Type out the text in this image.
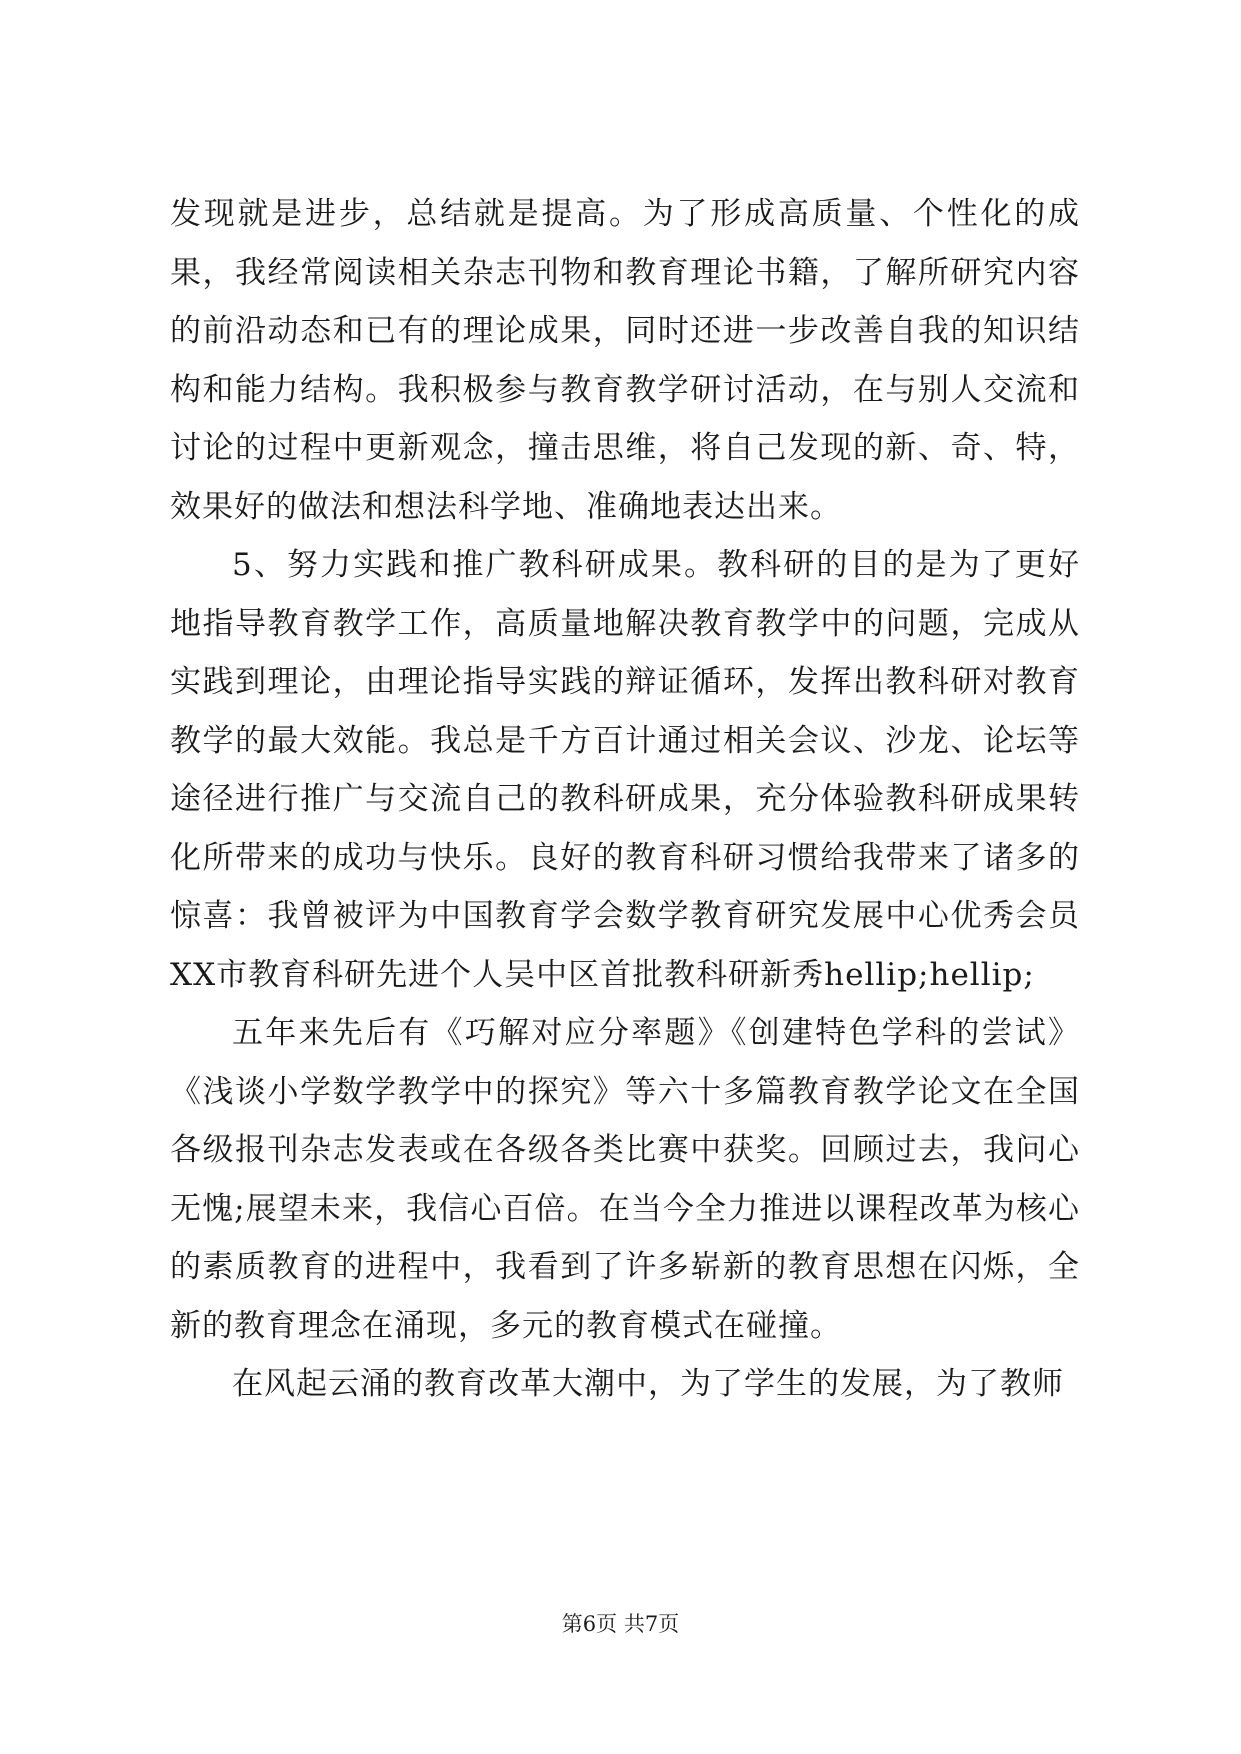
发现就是进步，总结就是提高。为了形成高质量、个性化的成果，我经常阅读相关杂志刊物和教育理论书籍，了解所研究内容的前沿动态和已有的理论成果，同时还进一步改善自我的知识结构和能力结构。我积极参与教育教学研讨活动，在与别人交流和讨论的过程中更新观念，撞击思维，将自己发现的新、奇、特，效果好的做法和想法科学地、准确地表达出来。

5、努力实践和推广教科研成果。教科研的目的是为了更好地指导教育教学工作，高质量地解决教育教学中的问题，完成从实践到理论，由理论指导实践的辩证循环，发挥出教科研对教育教学的最大效能。我总是千方百计通过相关会议、沙龙、论坛等途径进行推广与交流自己的教科研成果，充分体验教科研成果转化所带来的成功与快乐。良好的教育科研习惯给我带来了诸多的惊喜：我曾被评为中国教育学会数学教育研究发展中心优秀会员XX市教育科研先进个人吴中区首批教科研新秀hellip;hellip;

五年来先后有《巧解对应分率题》《创建特色学科的尝试》《浅谈小学数学教学中的探究》等六十多篇教育教学论文在全国各级报刊杂志发表或在各级各类比赛中获奖。回顾过去，我问心无愧;展望未来，我信心百倍。在当今全力推进以课程改革为核心的素质教育的进程中，我看到了许多崭新的教育思想在闪烁，全新的教育理念在涌现，多元的教育模式在碰撞。

在风起云涌的教育改革大潮中，为了学生的发展，为了教师

第6页 共7页
